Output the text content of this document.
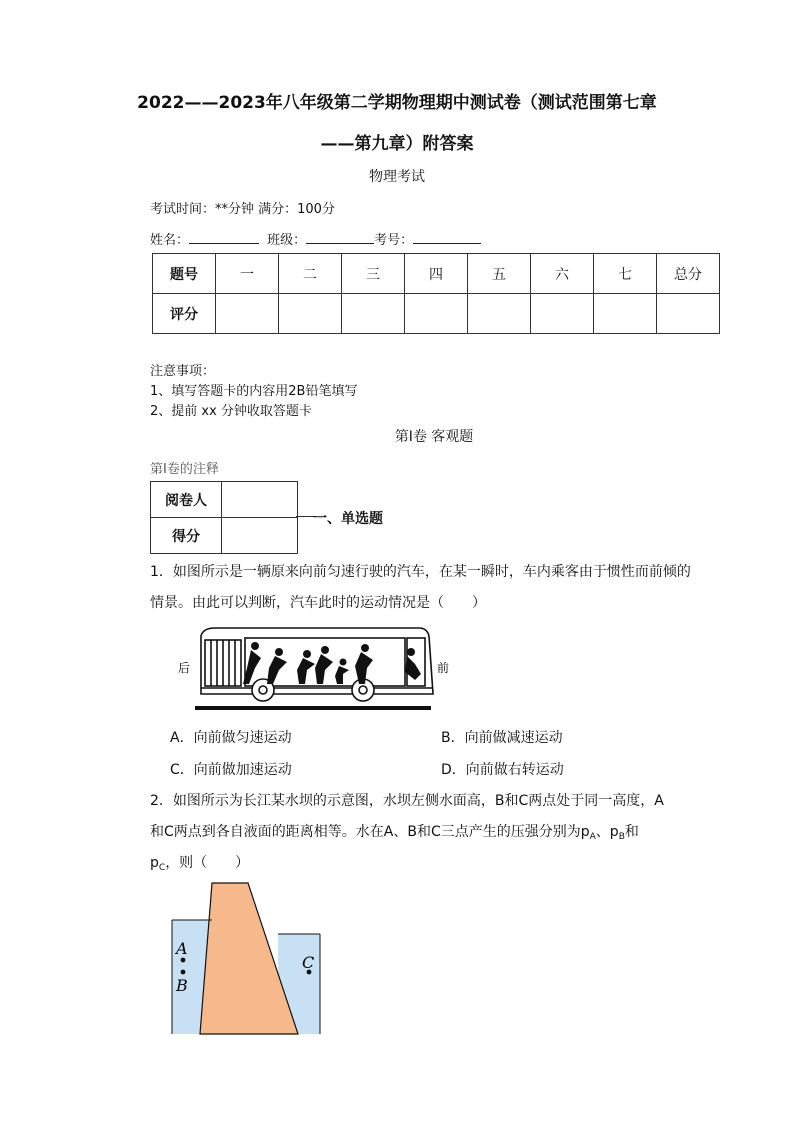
2022——2023年八年级第二学期物理期中测试卷（测试范围第七章
——第九章）附答案
物理考试
考试时间：**分钟 满分：100分
姓名：	班级：	考号：
题号	一	二	三	四	五	六	七	总分
评分								
注意事项：
1、填写答题卡的内容用2B铅笔填写
2、提前 xx 分钟收取答题卡
第I卷 客观题
第I卷的注释
阅卷人	
得分	
一、单选题
1．如图所示是一辆原来向前匀速行驶的汽车，在某一瞬时，车内乘客由于惯性而前倾的
情景。由此可以判断，汽车此时的运动情况是（　　）
后	前
A．向前做匀速运动	B．向前做减速运动
C．向前做加速运动	D．向前做右转运动
2．如图所示为长江某水坝的示意图，水坝左侧水面高，B和C两点处于同一高度，A
和C两点到各自液面的距离相等。水在A、B和C三点产生的压强分别为$p_A$、$p_B$和
$p_C$，则（　　）
A
B
C
